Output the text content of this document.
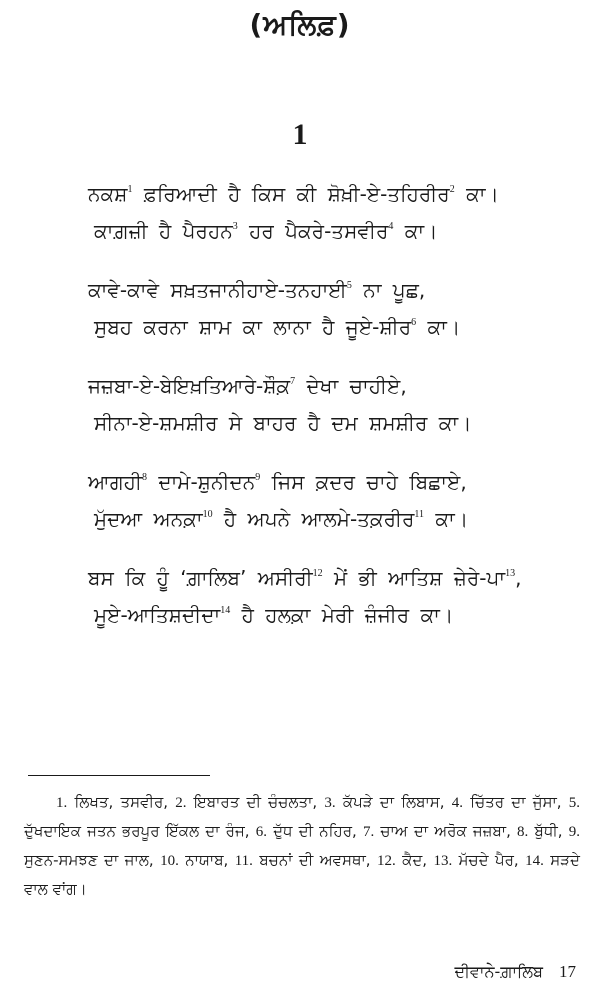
(ਅਲਿਫ਼)
1
ਨਕਸ਼$^1$ ਫ਼ਰਿਆਦੀ ਹੈ ਕਿਸ ਕੀ ਸ਼ੋਖ਼ੀ-ਏ-ਤਹਿਰੀਰ$^2$ ਕਾ।
ਕਾਗ਼ਜ਼ੀ ਹੈ ਪੈਰਹਨ$^3$ ਹਰ ਪੈਕਰੇ-ਤਸਵੀਰ$^4$ ਕਾ।
ਕਾਵੇ-ਕਾਵੇ ਸਖ਼ਤਜਾਨੀਹਾਏ-ਤਨਹਾਈ$^5$ ਨਾ ਪੂਛ,
ਸੁਬਹ ਕਰਨਾ ਸ਼ਾਮ ਕਾ ਲਾਨਾ ਹੈ ਜੂਏ-ਸ਼ੀਰ$^6$ ਕਾ।
ਜਜ਼ਬਾ-ਏ-ਬੇਇਖ਼ਤਿਆਰੇ-ਸ਼ੌਕ਼$^7$ ਦੇਖਾ ਚਾਹੀਏ,
ਸੀਨਾ-ਏ-ਸ਼ਮਸ਼ੀਰ ਸੇ ਬਾਹਰ ਹੈ ਦਮ ਸ਼ਮਸ਼ੀਰ ਕਾ।
ਆਗਹੀ$^8$ ਦਾਮੇ-ਸ਼ੁਨੀਦਨ$^9$ ਜਿਸ ਕ਼ਦਰ ਚਾਹੇ ਬਿਛਾਏ,
ਮੁੱਦਆ ਅਨਕ਼ਾ$^{10}$ ਹੈ ਅਪਨੇ ਆਲਮੇ-ਤਕ਼ਰੀਰ$^{11}$ ਕਾ।
ਬਸ ਕਿ ਹੂੰ ‘ਗ਼ਾਲਿਬ’ ਅਸੀਰੀ$^{12}$ ਮੇਂ ਭੀ ਆਤਿਸ਼ ਜ਼ੇਰੇ-ਪਾ$^{13}$,
ਮੂਏ-ਆਤਿਸ਼ਦੀਦਾ$^{14}$ ਹੈ ਹਲਕ਼ਾ ਮੇਰੀ ਜ਼ੰਜੀਰ ਕਾ।
1. ਲਿਖਤ, ਤਸਵੀਰ, 2. ਇਬਾਰਤ ਦੀ ਚੰਚਲਤਾ, 3. ਕੱਪੜੇ ਦਾ ਲਿਬਾਸ, 4. ਚਿੱਤਰ ਦਾ ਜੁੱਸਾ, 5. ਦੁੱਖਦਾਇਕ ਜਤਨ ਭਰਪੂਰ ਇੱਕਲ ਦਾ ਰੰਜ, 6. ਦੁੱਧ ਦੀ ਨਹਿਰ, 7. ਚਾਅ ਦਾ ਅਰੋਕ ਜਜ਼ਬਾ, 8. ਬੁੱਧੀ, 9. ਸੁਣਨ-ਸਮਝਣ ਦਾ ਜਾਲ, 10. ਨਾਯਾਬ, 11. ਬਚਨਾਂ ਦੀ ਅਵਸਥਾ, 12. ਕੈਦ, 13. ਮੱਚਦੇ ਪੈਰ, 14. ਸੜਦੇ ਵਾਲ ਵਾਂਗ।
ਦੀਵਾਨੇ-ਗ਼ਾਲਿਬ 17
